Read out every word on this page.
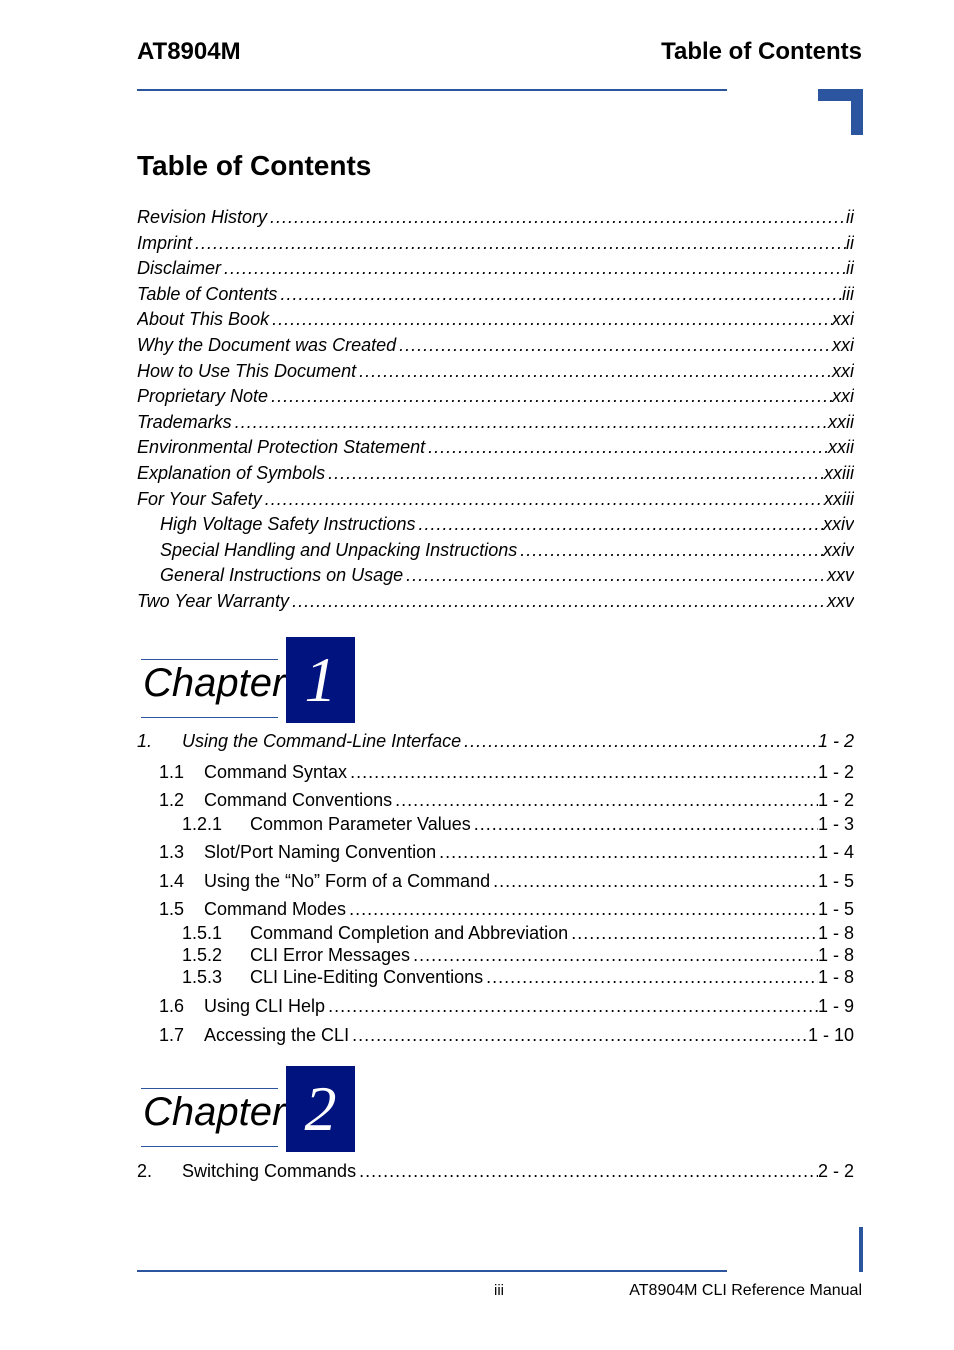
AT8904M	Table of Contents
Table of Contents
Revision History .....	ii
Imprint .....	ii
Disclaimer .....	ii
Table of Contents .....	iii
About This Book .....	xxi
Why the Document was Created .....	xxi
How to Use This Document .....	xxi
Proprietary Note .....	xxi
Trademarks .....	xxii
Environmental Protection Statement .....	xxii
Explanation of Symbols .....	xxiii
For Your Safety .....	xxiii
High Voltage Safety Instructions .....	xxiv
Special Handling and Unpacking Instructions .....	xxiv
General Instructions on Usage .....	xxv
Two Year Warranty .....	xxv
Chapter 1
1.	Using the Command-Line Interface .....	1 - 2
1.1	Command Syntax .....	1 - 2
1.2	Command Conventions .....	1 - 2
1.2.1	Common Parameter Values .....	1 - 3
1.3	Slot/Port Naming Convention .....	1 - 4
1.4	Using the “No” Form of a Command .....	1 - 5
1.5	Command Modes .....	1 - 5
1.5.1	Command Completion and Abbreviation .....	1 - 8
1.5.2	CLI Error Messages .....	1 - 8
1.5.3	CLI Line-Editing Conventions .....	1 - 8
1.6	Using CLI Help .....	1 - 9
1.7	Accessing the CLI .....	1 - 10
Chapter 2
2.	Switching Commands .....	2 - 2
iii	AT8904M CLI Reference Manual
